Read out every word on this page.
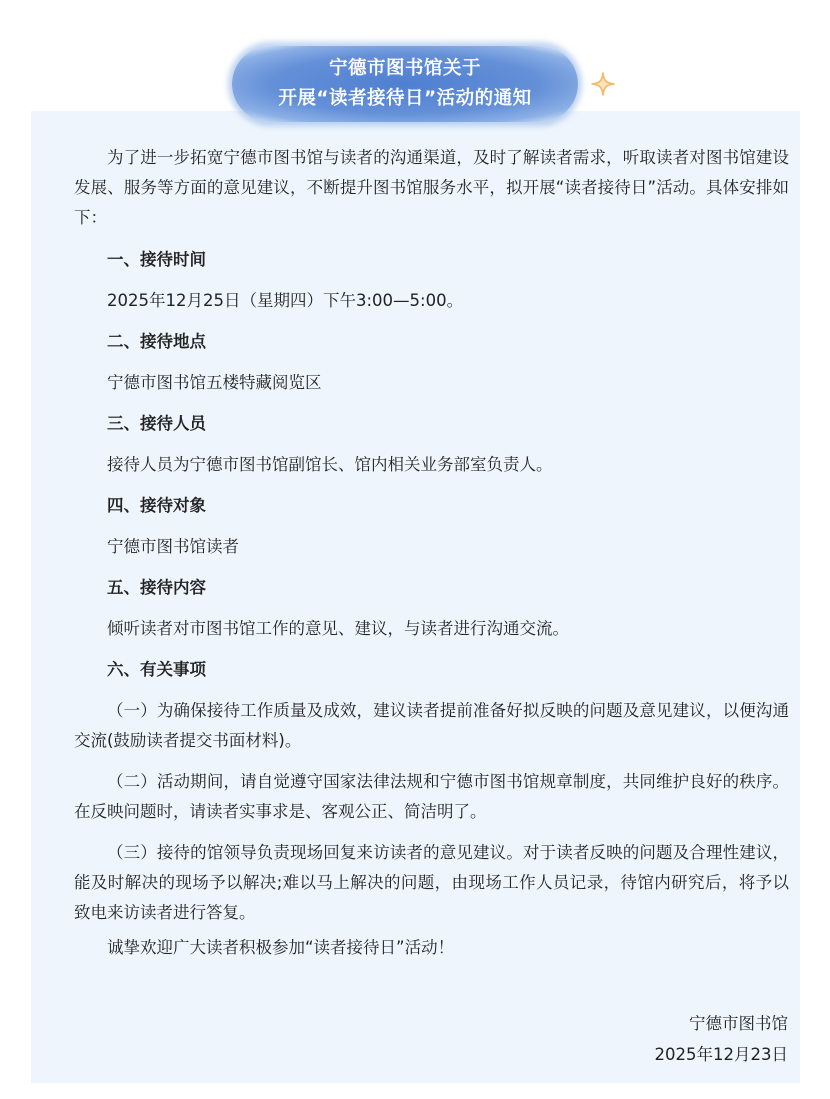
宁德市图书馆关于
开展“读者接待日”活动的通知

为了进一步拓宽宁德市图书馆与读者的沟通渠道，及时了解读者需求，听取读者对图书馆建设发展、服务等方面的意见建议，不断提升图书馆服务水平，拟开展“读者接待日”活动。具体安排如下：

一、接待时间

2025年12月25日（星期四）下午3:00—5:00。

二、接待地点

宁德市图书馆五楼特藏阅览区

三、接待人员

接待人员为宁德市图书馆副馆长、馆内相关业务部室负责人。

四、接待对象

宁德市图书馆读者

五、接待内容

倾听读者对市图书馆工作的意见、建议，与读者进行沟通交流。

六、有关事项

（一）为确保接待工作质量及成效，建议读者提前准备好拟反映的问题及意见建议，以便沟通交流(鼓励读者提交书面材料)。

（二）活动期间，请自觉遵守国家法律法规和宁德市图书馆规章制度，共同维护良好的秩序。在反映问题时，请读者实事求是、客观公正、简洁明了。

（三）接待的馆领导负责现场回复来访读者的意见建议。对于读者反映的问题及合理性建议，能及时解决的现场予以解决;难以马上解决的问题，由现场工作人员记录，待馆内研究后，将予以致电来访读者进行答复。

诚挚欢迎广大读者积极参加“读者接待日”活动！

宁德市图书馆

2025年12月23日
